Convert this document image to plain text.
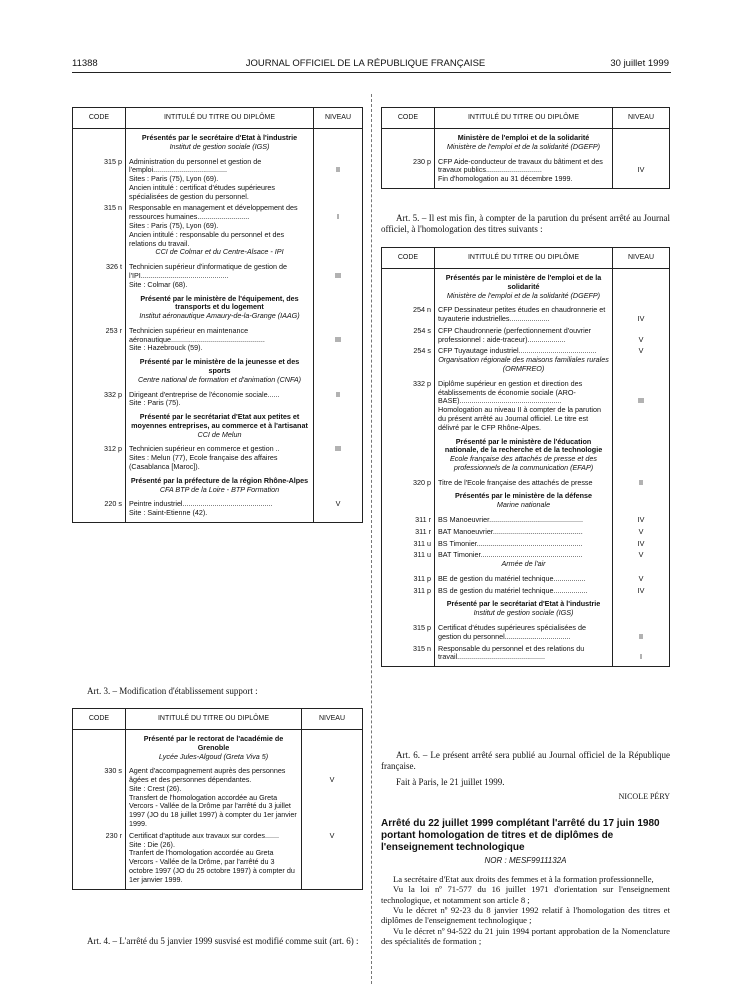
11388	JOURNAL OFFICIEL DE LA RÉPUBLIQUE FRANÇAISE	30 juillet 1999
CODE	INTITULÉ DU TITRE OU DIPLÔME	NIVEAU
	Présentés par le secrétaire d'Etat à l'industrie	
	Institut de gestion sociale (IGS)	
315 p	Administration du personnel et gestion de l'emploi.....................................	II
	Sites : Paris (75), Lyon (69).	
	Ancien intitulé : certificat d'études supérieures spécialisées de gestion du personnel.	
315 n	Responsable en management et développement des ressources humaines..........................	I
	Sites : Paris (75), Lyon (69).	
	Ancien intitulé : responsable du personnel et des relations du travail.	
	CCI de Colmar et du Centre-Alsace - IPI	
326 t	Technicien supérieur d'informatique de gestion de l'IPI............................................	III
	Site : Colmar (68).	
	Présenté par le ministère de l'équipement, des transports et du logement	
	Institut aéronautique Amaury-de-la-Grange (IAAG)	
253 r	Technicien supérieur en maintenance aéronautique...............................................	III
	Site : Hazebrouck (59).	
	Présenté par le ministère de la jeunesse et des sports	
	Centre national de formation et d'animation (CNFA)	
332 p	Dirigeant d'entreprise de l'économie sociale......	II
	Site : Paris (75).	
	Présenté par le secrétariat d'Etat aux petites et moyennes entreprises, au commerce et à l'artisanat	
	CCI de Melun	
312 p	Technicien supérieur en commerce et gestion ..	III
	Sites : Melun (77), Ecole française des affaires (Casablanca [Maroc]).	
	Présenté par la préfecture de la région Rhône-Alpes	
	CFA BTP de la Loire - BTP Formation	
220 s	Peintre industriel.............................................	V
	Site : Saint-Etienne (42).	

Art. 3. – Modification d'établissement support :

CODE	INTITULÉ DU TITRE OU DIPLÔME	NIVEAU
	Présenté par le rectorat de l'académie de Grenoble	
	Lycée Jules-Algoud (Greta Viva 5)	
330 s	Agent d'accompagnement auprès des personnes âgées et des personnes dépendantes.	V
	Site : Crest (26).	
	Transfert de l'homologation accordée au Greta Vercors - Vallée de la Drôme par l'arrêté du 3 juillet 1997 (JO du 18 juillet 1997) à compter du 1er janvier 1999.	
230 r	Certificat d'aptitude aux travaux sur cordes.......	V
	Site : Die (26).	
	Tranfert de l'homologation accordée au Greta Vercors - Vallée de la Drôme, par l'arrêté du 3 octobre 1997 (JO du 25 octobre 1997) à compter du 1er janvier 1999.	

Art. 4. – L'arrêté du 5 janvier 1999 susvisé est modifié comme suit (art. 6) :

CODE	INTITULÉ DU TITRE OU DIPLÔME	NIVEAU
	Ministère de l'emploi et de la solidarité	
	Ministère de l'emploi et de la solidarité (DGEFP)	
230 p	CFP Aide-conducteur de travaux du bâtiment et des travaux publics............................	IV
	Fin d'homologation au 31 décembre 1999.	

Art. 5. – Il est mis fin, à compter de la parution du présent arrêté au Journal officiel, à l'homologation des titres suivants :

CODE	INTITULÉ DU TITRE OU DIPLÔME	NIVEAU
	Présentés par le ministère de l'emploi et de la solidarité	
	Ministère de l'emploi et de la solidarité (DGEFP)	
254 n	CFP Dessinateur petites études en chaudronnerie et tuyauterie industrielles....................	IV
254 s	CFP Chaudronnerie (perfectionnement d'ouvrier professionnel : aide-traceur)...................	V
254 s	CFP Tuyautage industriel.......................................	V
	Organisation régionale des maisons familiales rurales (ORMFREO)	
332 p	Diplôme supérieur en gestion et direction des établissements de économie sociale (ARO-BASE)...................................................	III
	Homologation au niveau II à compter de la parution du présent arrêté au Journal officiel. Le titre est délivré par le CFP Rhône-Alpes.	
	Présenté par le ministère de l'éducation nationale, de la recherche et de la technologie	
	Ecole française des attachés de presse et des professionnels de la communication (EFAP)	
320 p	Titre de l'Ecole française des attachés de presse	II
	Présentés par le ministère de la défense	
	Marine nationale	
311 r	BS Manoeuvrier...............................................	IV
311 r	BAT Manoeuvrier.............................................	V
311 u	BS Timonier.....................................................	IV
311 u	BAT Timonier...................................................	V
	Armée de l'air	
311 p	BE de gestion du matériel technique................	V
311 p	BS de gestion du matériel technique.................	IV
	Présenté par le secrétariat d'Etat à l'industrie	
	Institut de gestion sociale (IGS)	
315 p	Certificat d'études supérieures spécialisées de gestion du personnel.................................	II
315 n	Responsable du personnel et des relations du travail............................................	I

Art. 6. – Le présent arrêté sera publié au Journal officiel de la République française.

Fait à Paris, le 21 juillet 1999.

NICOLE PÉRY

Arrêté du 22 juillet 1999 complétant l'arrêté du 17 juin 1980 portant homologation de titres et de diplômes de l'enseignement technologique
NOR : MESF9911132A

La secrétaire d'Etat aux droits des femmes et à la formation professionnelle,

Vu la loi nº 71-577 du 16 juillet 1971 d'orientation sur l'enseignement technologique, et notamment son article 8 ;

Vu le décret nº 92-23 du 8 janvier 1992 relatif à l'homologation des titres et diplômes de l'enseignement technologique ;

Vu le décret nº 94-522 du 21 juin 1994 portant approbation de la Nomenclature des spécialités de formation ;
